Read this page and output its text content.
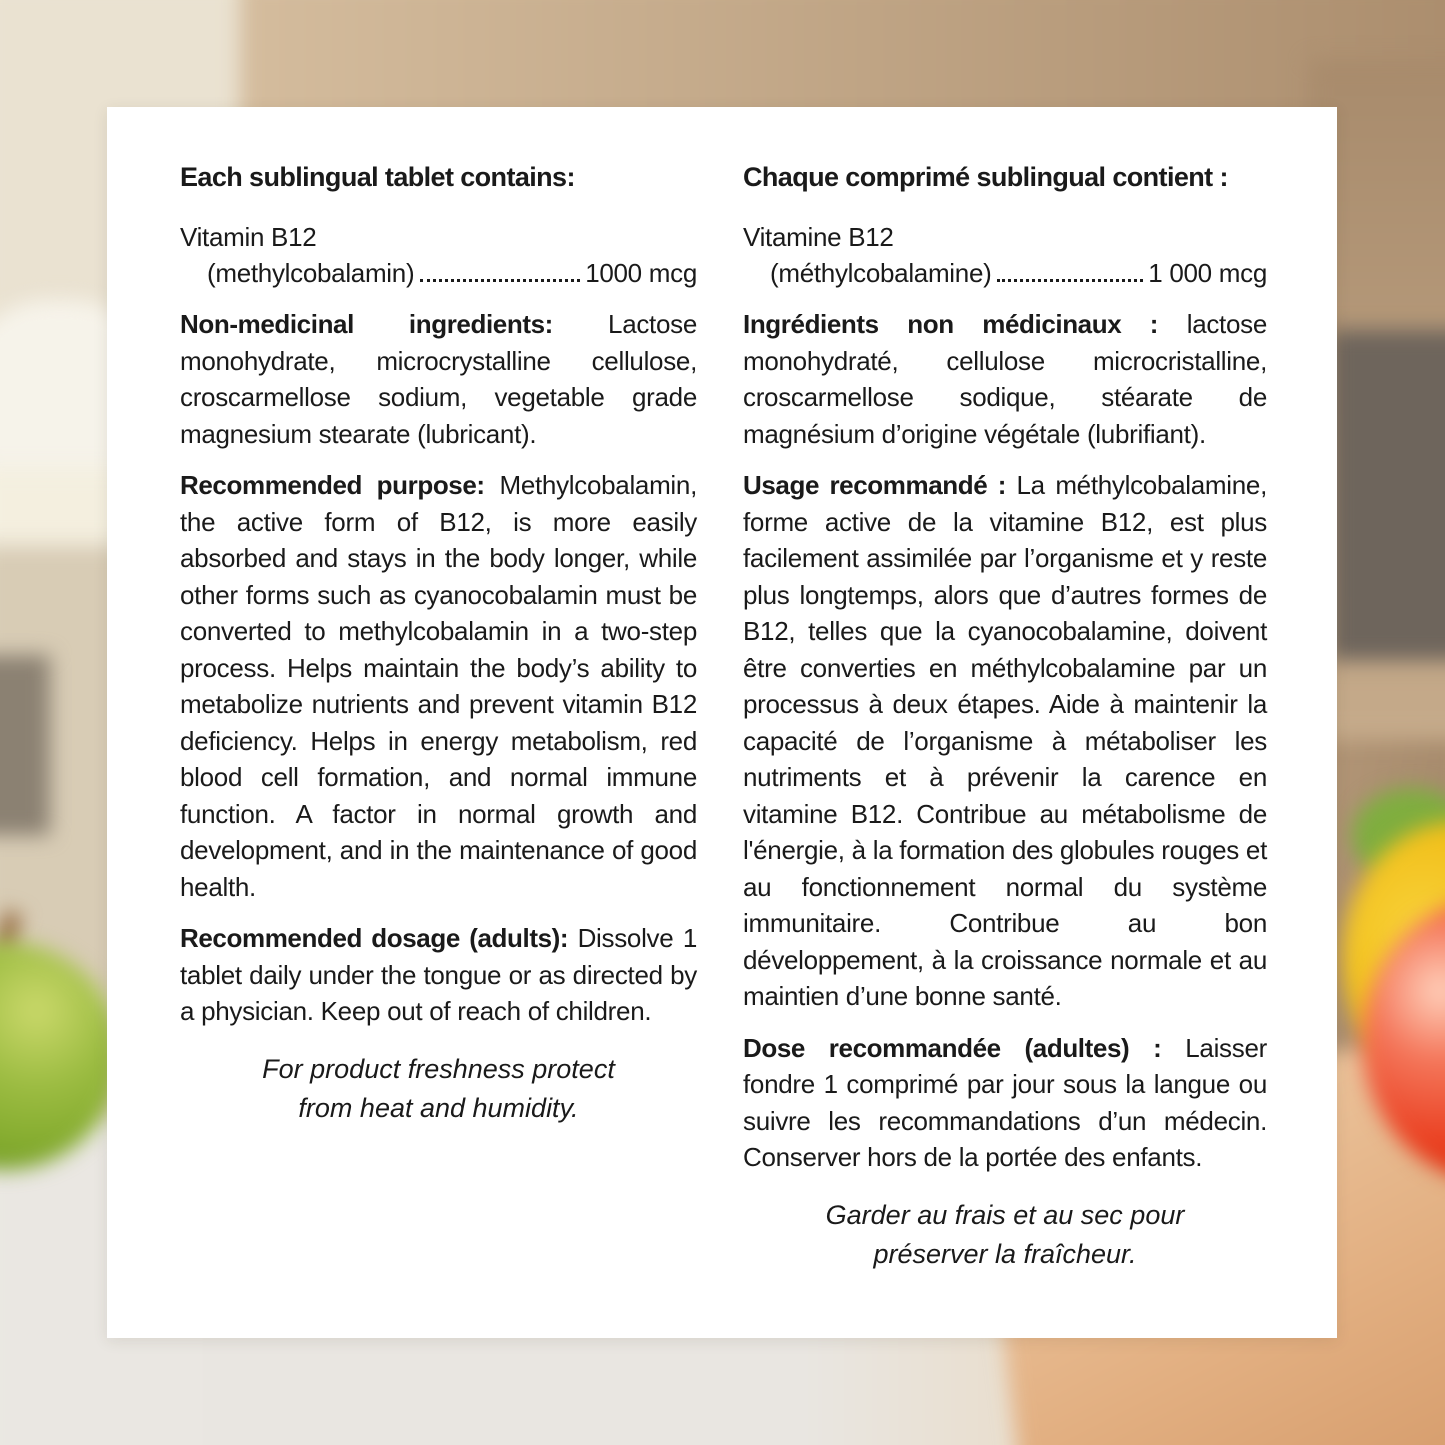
Each sublingual tablet contains:
Vitamin B12
(methylcobalamin)	1000 mcg

Non-medicinal ingredients: Lactose monohydrate, microcrystalline cellulose, croscarmellose sodium, vegetable grade magnesium stearate (lubricant).

Recommended purpose: Methylcobalamin, the active form of B12, is more easily absorbed and stays in the body longer, while other forms such as cyanocobalamin must be converted to methylcobalamin in a two-step process. Helps maintain the body’s ability to metabolize nutrients and prevent vitamin B12 deficiency. Helps in energy metabolism, red blood cell formation, and normal immune function. A factor in normal growth and development, and in the maintenance of good health.

Recommended dosage (adults): Dissolve 1 tablet daily under the tongue or as directed by a physician. Keep out of reach of children.

For product freshness protect
from heat and humidity.
Chaque comprimé sublingual contient :
Vitamine B12
(méthylcobalamine)	1 000 mcg

Ingrédients non médicinaux : lactose monohydraté, cellulose microcristalline, croscarmellose sodique, stéarate de magnésium d’origine végétale (lubrifiant).

Usage recommandé : La méthylcobalamine, forme active de la vitamine B12, est plus facilement assimilée par l’organisme et y reste plus longtemps, alors que d’autres formes de B12, telles que la cyanocobalamine, doivent être converties en méthylcobalamine par un processus à deux étapes. Aide à maintenir la capacité de l’organisme à métaboliser les nutriments et à prévenir la carence en vitamine B12. Contribue au métabolisme de l'énergie, à la formation des globules rouges et au fonctionnement normal du système immunitaire. Contribue au bon développement, à la croissance normale et au maintien d’une bonne santé.

Dose recommandée (adultes) : Laisser fondre 1 comprimé par jour sous la langue ou suivre les recommandations d’un médecin. Conserver hors de la portée des enfants.

Garder au frais et au sec pour
préserver la fraîcheur.
